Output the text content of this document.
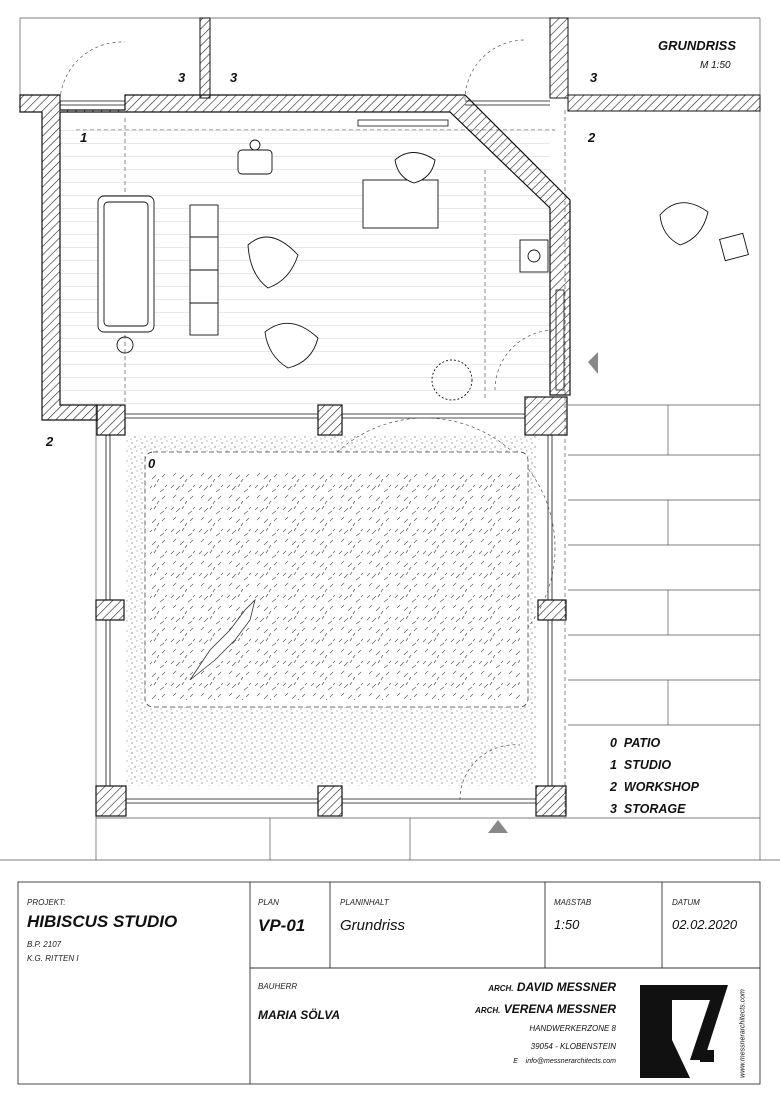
GRUNDRISS
M 1:50
3	3	3
1	2
2
0
0 PATIO
1 STUDIO
2 WORKSHOP
3 STORAGE
PROJEKT:
HIBISCUS STUDIO
B.P. 2107
K.G. RITTEN I
PLAN
VP-01
PLANINHALT
Grundriss
MAßSTAB
1:50
DATUM
02.02.2020
BAUHERR
MARIA SÖLVA
ARCH. DAVID MESSNER
ARCH. VERENA MESSNER
HANDWERKERZONE 8
39054 - KLOBENSTEIN
E info@messnerarchitects.com	www.messnerarchitects.com
